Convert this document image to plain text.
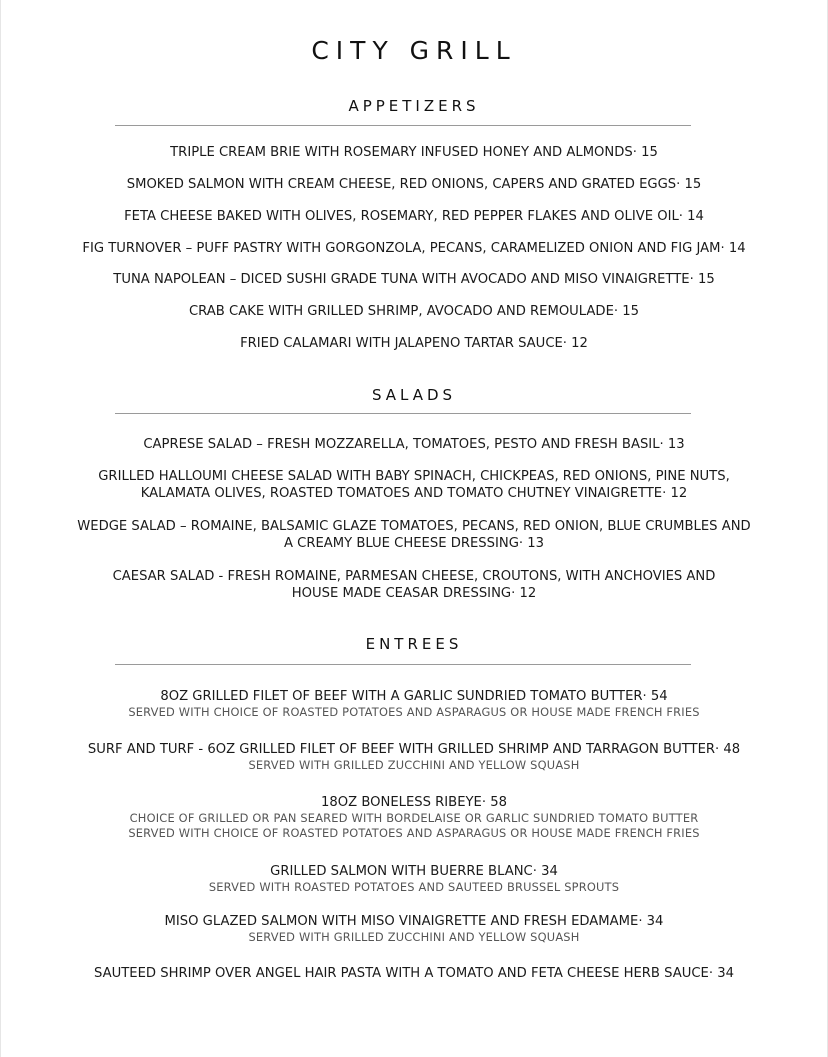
CITY GRILL
APPETIZERS
TRIPLE CREAM BRIE WITH ROSEMARY INFUSED HONEY AND ALMONDS· 15
SMOKED SALMON WITH CREAM CHEESE, RED ONIONS, CAPERS AND GRATED EGGS· 15
FETA CHEESE BAKED WITH OLIVES, ROSEMARY, RED PEPPER FLAKES AND OLIVE OIL· 14
FIG TURNOVER – PUFF PASTRY WITH GORGONZOLA, PECANS, CARAMELIZED ONION AND FIG JAM· 14
TUNA NAPOLEAN – DICED SUSHI GRADE TUNA WITH AVOCADO AND MISO VINAIGRETTE· 15
CRAB CAKE WITH GRILLED SHRIMP, AVOCADO AND REMOULADE· 15
FRIED CALAMARI WITH JALAPENO TARTAR SAUCE· 12
SALADS
CAPRESE SALAD – FRESH MOZZARELLA, TOMATOES, PESTO AND FRESH BASIL· 13
GRILLED HALLOUMI CHEESE SALAD WITH BABY SPINACH, CHICKPEAS, RED ONIONS, PINE NUTS,
KALAMATA OLIVES, ROASTED TOMATOES AND TOMATO CHUTNEY VINAIGRETTE· 12
WEDGE SALAD – ROMAINE, BALSAMIC GLAZE TOMATOES, PECANS, RED ONION, BLUE CRUMBLES AND
A CREAMY BLUE CHEESE DRESSING· 13
CAESAR SALAD - FRESH ROMAINE, PARMESAN CHEESE, CROUTONS, WITH ANCHOVIES AND
HOUSE MADE CEASAR DRESSING· 12
ENTREES
8OZ GRILLED FILET OF BEEF WITH A GARLIC SUNDRIED TOMATO BUTTER· 54
SERVED WITH CHOICE OF ROASTED POTATOES AND ASPARAGUS OR HOUSE MADE FRENCH FRIES
SURF AND TURF - 6OZ GRILLED FILET OF BEEF WITH GRILLED SHRIMP AND TARRAGON BUTTER· 48
SERVED WITH GRILLED ZUCCHINI AND YELLOW SQUASH
18OZ BONELESS RIBEYE· 58
CHOICE OF GRILLED OR PAN SEARED WITH BORDELAISE OR GARLIC SUNDRIED TOMATO BUTTER
SERVED WITH CHOICE OF ROASTED POTATOES AND ASPARAGUS OR HOUSE MADE FRENCH FRIES
GRILLED SALMON WITH BUERRE BLANC· 34
SERVED WITH ROASTED POTATOES AND SAUTEED BRUSSEL SPROUTS
MISO GLAZED SALMON WITH MISO VINAIGRETTE AND FRESH EDAMAME· 34
SERVED WITH GRILLED ZUCCHINI AND YELLOW SQUASH
SAUTEED SHRIMP OVER ANGEL HAIR PASTA WITH A TOMATO AND FETA CHEESE HERB SAUCE· 34
